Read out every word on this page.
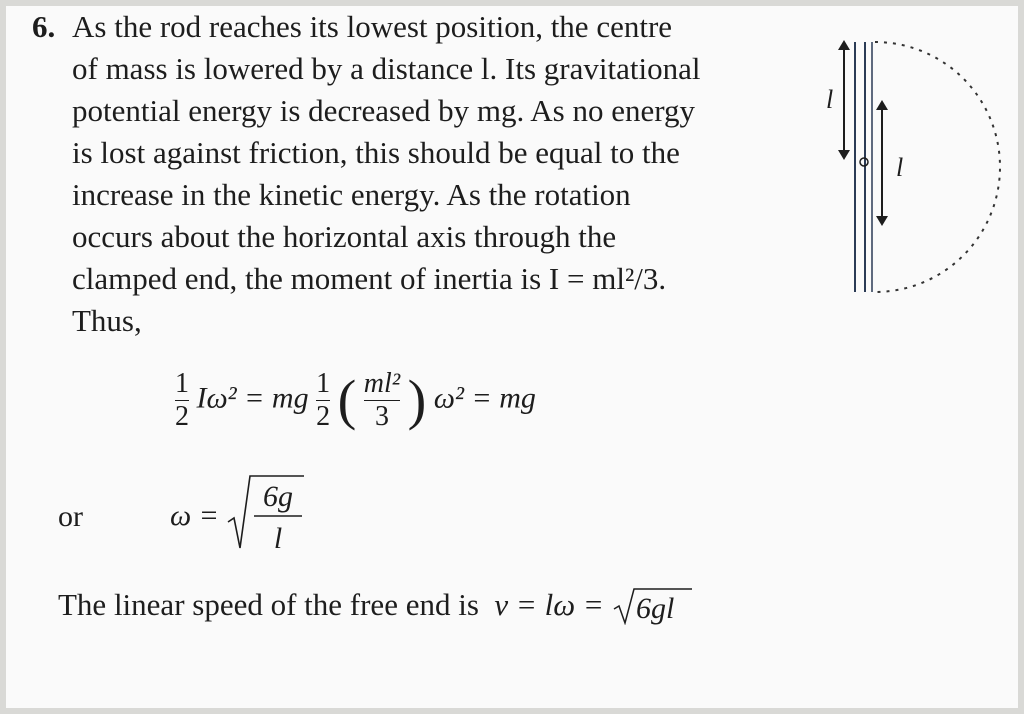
6. As the rod reaches its lowest position, the centre
of mass is lowered by a distance l. Its gravitational
potential energy is decreased by mg. As no energy
is lost against friction, this should be equal to the
increase in the kinetic energy. As the rotation
occurs about the horizontal axis through the
clamped end, the moment of inertia is I = ml²/3.
Thus,
$\frac{1}{2} I\omega^2$ = mg $\frac{1}{2}$ ( $\frac{\text{ml²}}{3}$ ) ω² = mg
or	ω =
6g
l
The linear speed of the free end is v = lω = 6gl
l
l
